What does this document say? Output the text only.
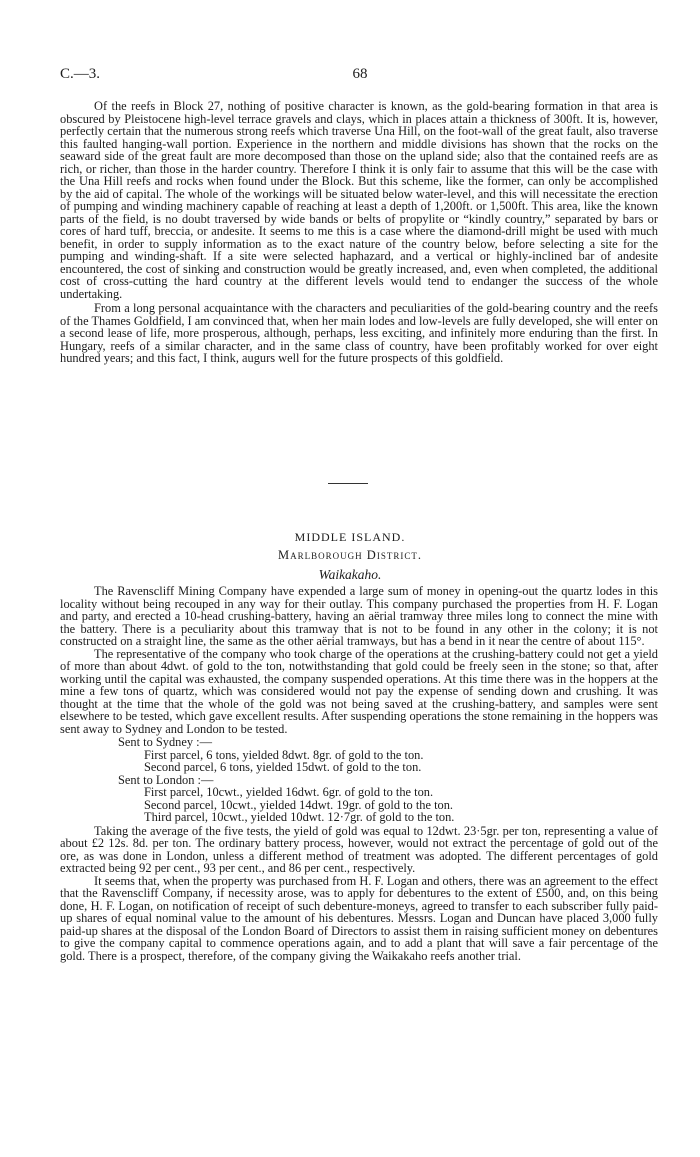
C.—3.	68

Of the reefs in Block 27, nothing of positive character is known, as the gold-bearing formation in that area is obscured by Pleistocene high-level terrace gravels and clays, which in places attain a thickness of 300ft. It is, however, perfectly certain that the numerous strong reefs which traverse Una Hill, on the foot-wall of the great fault, also traverse this faulted hanging-wall portion. Experience in the northern and middle divisions has shown that the rocks on the seaward side of the great fault are more decomposed than those on the upland side; also that the contained reefs are as rich, or richer, than those in the harder country. Therefore I think it is only fair to assume that this will be the case with the Una Hill reefs and rocks when found under the Block. But this scheme, like the former, can only be accomplished by the aid of capital. The whole of the workings will be situated below water-level, and this will necessitate the erection of pumping and winding machinery capable of reaching at least a depth of 1,200ft. or 1,500ft. This area, like the known parts of the field, is no doubt traversed by wide bands or belts of propylite or “kindly country,” separated by bars or cores of hard tuff, breccia, or andesite. It seems to me this is a case where the diamond-drill might be used with much benefit, in order to supply information as to the exact nature of the country below, before selecting a site for the pumping and winding-shaft. If a site were selected haphazard, and a vertical or highly-inclined bar of andesite encountered, the cost of sinking and construction would be greatly increased, and, even when completed, the additional cost of cross-cutting the hard country at the different levels would tend to endanger the success of the whole undertaking.

From a long personal acquaintance with the characters and peculiarities of the gold-bearing country and the reefs of the Thames Goldfield, I am convinced that, when her main lodes and low-levels are fully developed, she will enter on a second lease of life, more prosperous, although, perhaps, less exciting, and infinitely more enduring than the first. In Hungary, reefs of a similar character, and in the same class of country, have been profitably worked for over eight hundred years; and this fact, I think, augurs well for the future prospects of this goldfield.

MIDDLE ISLAND.
Marlborough District.
Waikakaho.

The Ravenscliff Mining Company have expended a large sum of money in opening-out the quartz lodes in this locality without being recouped in any way for their outlay. This company purchased the properties from H. F. Logan and party, and erected a 10-head crushing-battery, having an aërial tramway three miles long to connect the mine with the battery. There is a peculiarity about this tramway that is not to be found in any other in the colony; it is not constructed on a straight line, the same as the other aërial tramways, but has a bend in it near the centre of about 115°.

The representative of the company who took charge of the operations at the crushing-battery could not get a yield of more than about 4dwt. of gold to the ton, notwithstanding that gold could be freely seen in the stone; so that, after working until the capital was exhausted, the company suspended operations. At this time there was in the hoppers at the mine a few tons of quartz, which was considered would not pay the expense of sending down and crushing. It was thought at the time that the whole of the gold was not being saved at the crushing-battery, and samples were sent elsewhere to be tested, which gave excellent results. After suspending operations the stone remaining in the hoppers was sent away to Sydney and London to be tested.

Sent to Sydney :—
First parcel, 6 tons, yielded 8dwt. 8gr. of gold to the ton.
Second parcel, 6 tons, yielded 15dwt. of gold to the ton.
Sent to London :—
First parcel, 10cwt., yielded 16dwt. 6gr. of gold to the ton.
Second parcel, 10cwt., yielded 14dwt. 19gr. of gold to the ton.
Third parcel, 10cwt., yielded 10dwt. 12·7gr. of gold to the ton.

Taking the average of the five tests, the yield of gold was equal to 12dwt. 23·5gr. per ton, representing a value of about £2 12s. 8d. per ton. The ordinary battery process, however, would not extract the percentage of gold out of the ore, as was done in London, unless a different method of treatment was adopted. The different percentages of gold extracted being 92 per cent., 93 per cent., and 86 per cent., respectively.

It seems that, when the property was purchased from H. F. Logan and others, there was an agreement to the effect that the Ravenscliff Company, if necessity arose, was to apply for debentures to the extent of £500, and, on this being done, H. F. Logan, on notification of receipt of such debenture-moneys, agreed to transfer to each subscriber fully paid-up shares of equal nominal value to the amount of his debentures. Messrs. Logan and Duncan have placed 3,000 fully paid-up shares at the disposal of the London Board of Directors to assist them in raising sufficient money on debentures to give the company capital to commence operations again, and to add a plant that will save a fair percentage of the gold. There is a prospect, therefore, of the company giving the Waikakaho reefs another trial.
